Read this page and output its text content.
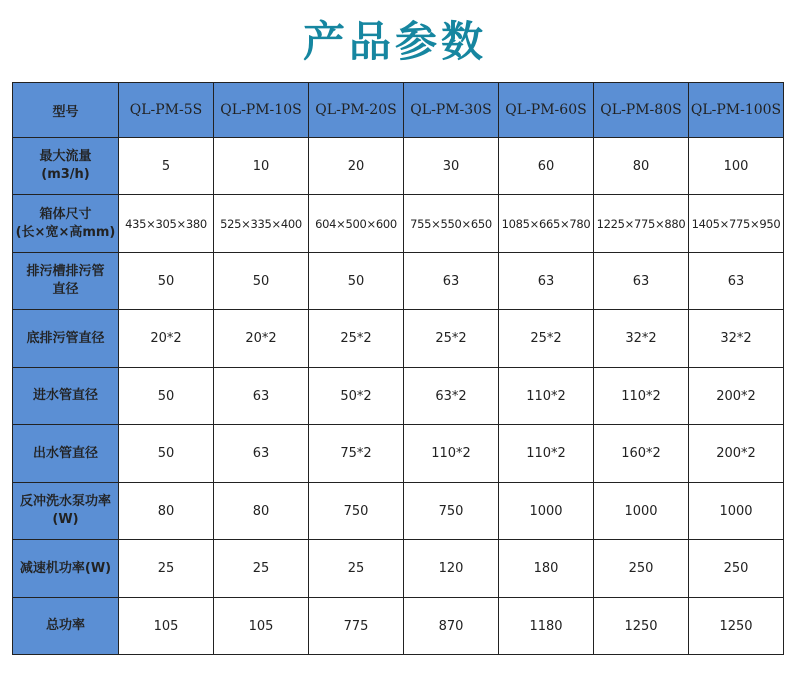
产品参数
型号	QL-PM-5S	QL-PM-10S	QL-PM-20S	QL-PM-30S	QL-PM-60S	QL-PM-80S	QL-PM-100S

最大流量
(m3/h)	5	10	20	30	60	80	100

箱体尺寸
(长×宽×高mm)	435×305×380	525×335×400	604×500×600	755×550×650	1085×665×780	1225×775×880	1405×775×950

排污槽排污管
直径	50	50	50	63	63	63	63

底排污管直径	20*2	20*2	25*2	25*2	25*2	32*2	32*2

进水管直径	50	63	50*2	63*2	110*2	110*2	200*2

出水管直径	50	63	75*2	110*2	110*2	160*2	200*2

反冲洗水泵功率
(W)	80	80	750	750	1000	1000	1000

减速机功率(W)	25	25	25	120	180	250	250

总功率	105	105	775	870	1180	1250	1250
